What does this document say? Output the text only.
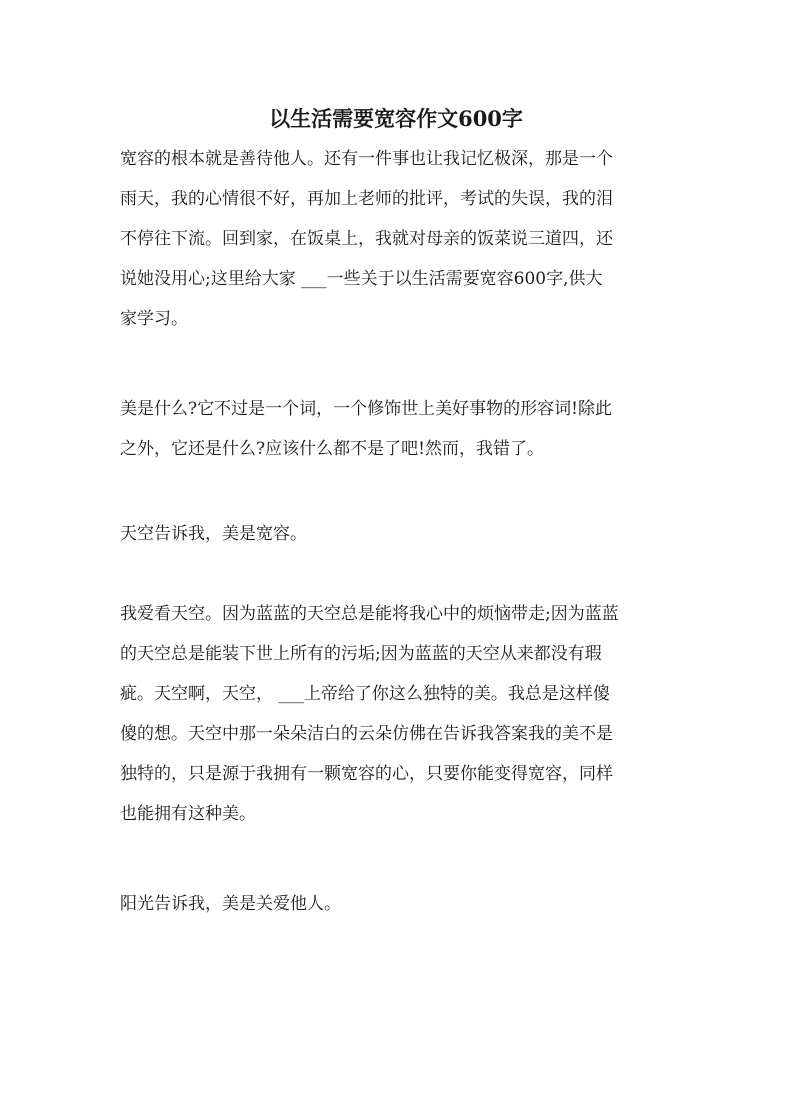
以生活需要宽容作文600字

宽容的根本就是善待他人。还有一件事也让我记忆极深，那是一个
雨天，我的心情很不好，再加上老师的批评，考试的失误，我的泪
不停往下流。回到家，在饭桌上，我就对母亲的饭菜说三道四，还
说她没用心;这里给大家 ___一些关于以生活需要宽容600字,供大
家学习。

美是什么?它不过是一个词，一个修饰世上美好事物的形容词!除此
之外，它还是什么?应该什么都不是了吧!然而，我错了。

天空告诉我，美是宽容。

我爱看天空。因为蓝蓝的天空总是能将我心中的烦恼带走;因为蓝蓝
的天空总是能装下世上所有的污垢;因为蓝蓝的天空从来都没有瑕
疵。天空啊，天空， ___上帝给了你这么独特的美。我总是这样傻
傻的想。天空中那一朵朵洁白的云朵仿佛在告诉我答案我的美不是
独特的，只是源于我拥有一颗宽容的心，只要你能变得宽容，同样
也能拥有这种美。

阳光告诉我，美是关爱他人。
